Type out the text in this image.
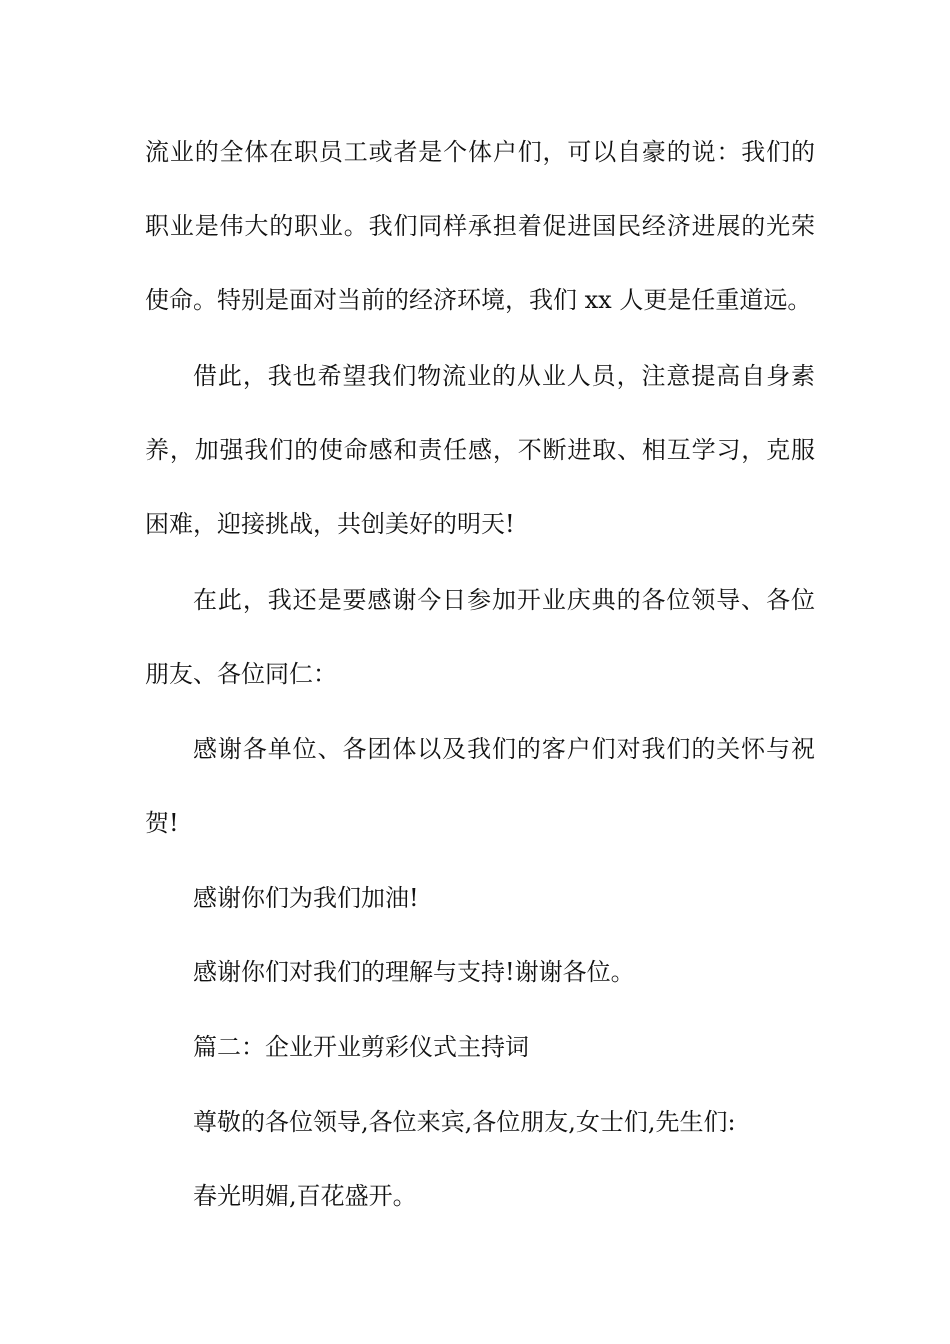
流业的全体在职员工或者是个体户们，可以自豪的说：我们的
职业是伟大的职业。我们同样承担着促进国民经济进展的光荣
使命。特别是面对当前的经济环境，我们 xx 人更是任重道远。
借此，我也希望我们物流业的从业人员，注意提高自身素
养，加强我们的使命感和责任感，不断进取、相互学习，克服
困难，迎接挑战，共创美好的明天!
在此，我还是要感谢今日参加开业庆典的各位领导、各位
朋友、各位同仁：
感谢各单位、各团体以及我们的客户们对我们的关怀与祝
贺!
感谢你们为我们加油!
感谢你们对我们的理解与支持!谢谢各位。
篇二：企业开业剪彩仪式主持词
尊敬的各位领导,各位来宾,各位朋友,女士们,先生们:
春光明媚,百花盛开。
